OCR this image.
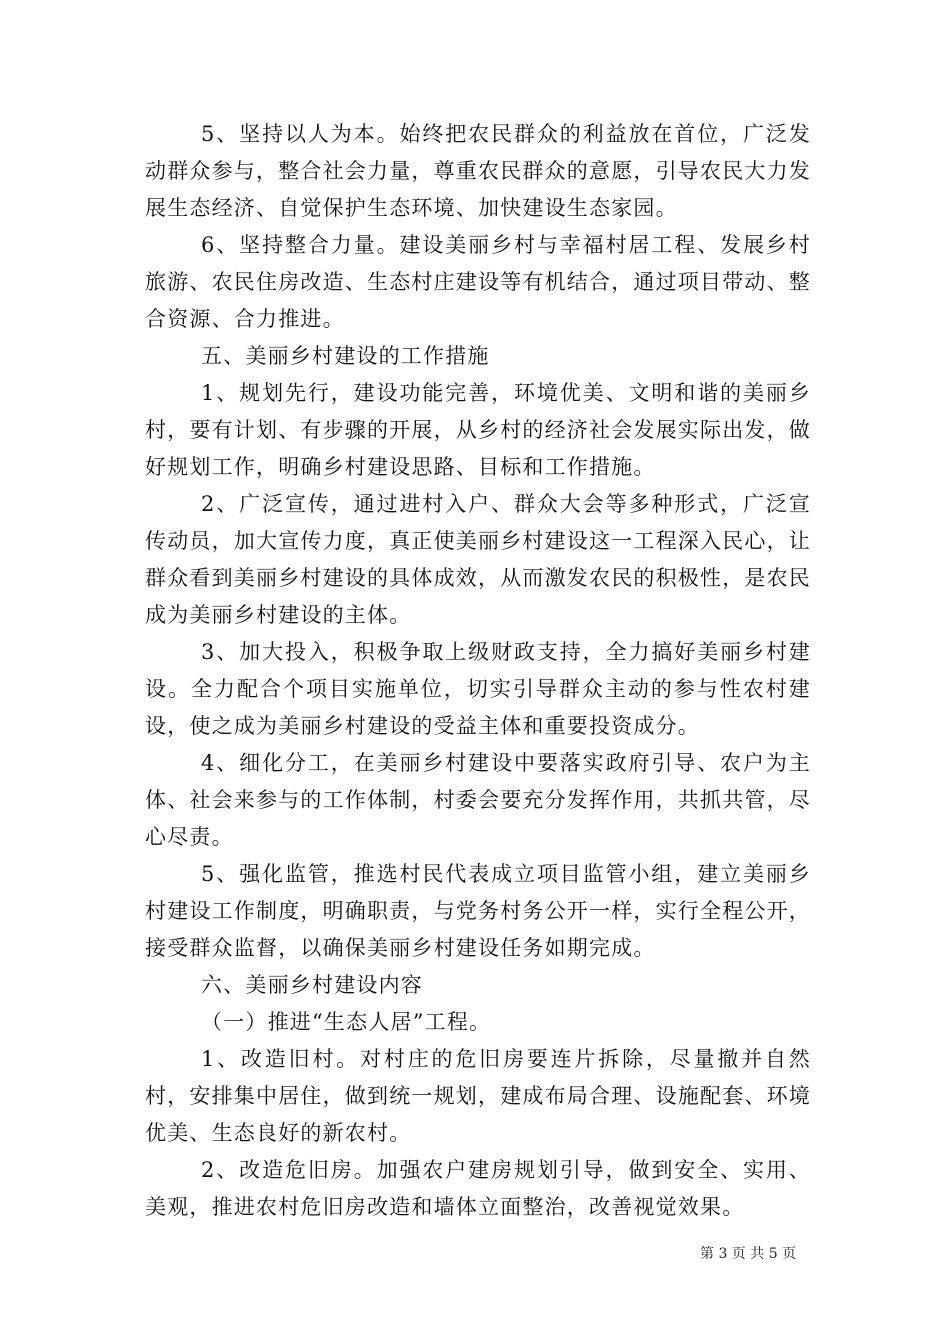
5、坚持以人为本。始终把农民群众的利益放在首位，广泛发动群众参与，整合社会力量，尊重农民群众的意愿，引导农民大力发展生态经济、自觉保护生态环境、加快建设生态家园。

6、坚持整合力量。建设美丽乡村与幸福村居工程、发展乡村旅游、农民住房改造、生态村庄建设等有机结合，通过项目带动、整合资源、合力推进。

五、美丽乡村建设的工作措施

1、规划先行，建设功能完善，环境优美、文明和谐的美丽乡村，要有计划、有步骤的开展，从乡村的经济社会发展实际出发，做好规划工作，明确乡村建设思路、目标和工作措施。

2、广泛宣传，通过进村入户、群众大会等多种形式，广泛宣传动员，加大宣传力度，真正使美丽乡村建设这一工程深入民心，让群众看到美丽乡村建设的具体成效，从而激发农民的积极性，是农民成为美丽乡村建设的主体。

3、加大投入，积极争取上级财政支持，全力搞好美丽乡村建设。全力配合个项目实施单位，切实引导群众主动的参与性农村建设，使之成为美丽乡村建设的受益主体和重要投资成分。

4、细化分工，在美丽乡村建设中要落实政府引导、农户为主体、社会来参与的工作体制，村委会要充分发挥作用，共抓共管，尽心尽责。

5、强化监管，推选村民代表成立项目监管小组，建立美丽乡村建设工作制度，明确职责，与党务村务公开一样，实行全程公开，接受群众监督，以确保美丽乡村建设任务如期完成。

六、美丽乡村建设内容

（一）推进“生态人居”工程。

1、改造旧村。对村庄的危旧房要连片拆除，尽量撤并自然村，安排集中居住，做到统一规划，建成布局合理、设施配套、环境优美、生态良好的新农村。

2、改造危旧房。加强农户建房规划引导，做到安全、实用、美观，推进农村危旧房改造和墙体立面整治，改善视觉效果。

第 3 页 共 5 页
